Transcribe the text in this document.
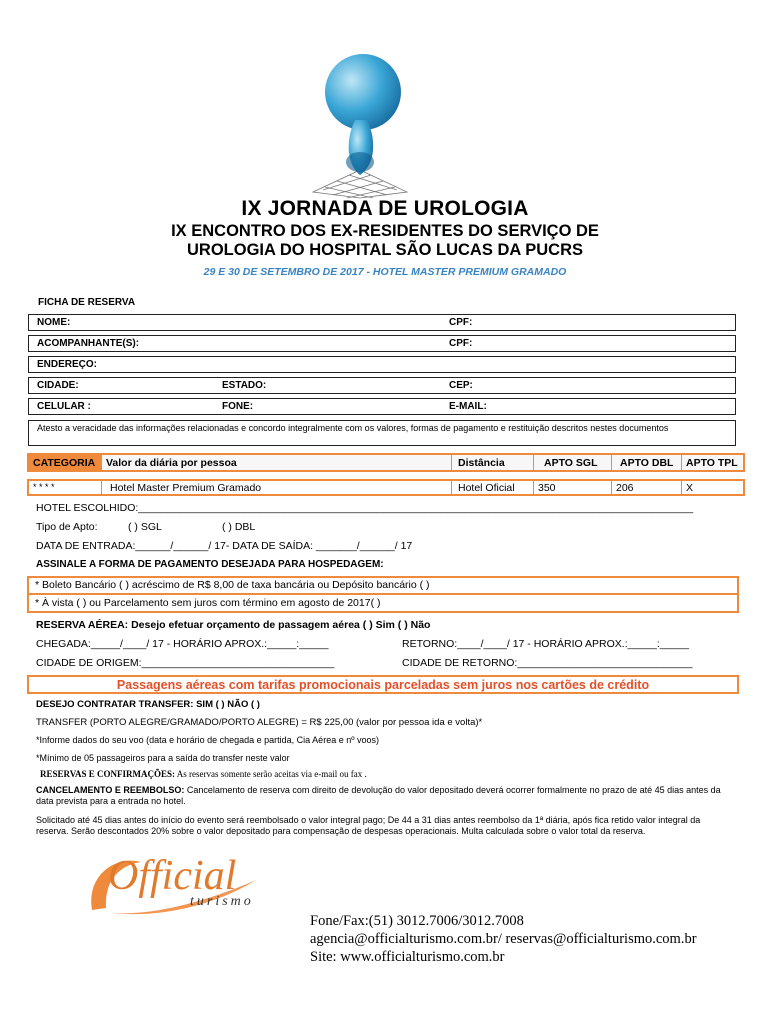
IX JORNADA DE UROLOGIA
IX ENCONTRO DOS EX-RESIDENTES DO SERVIÇO DE
UROLOGIA DO HOSPITAL SÃO LUCAS DA PUCRS
29 E 30 DE SETEMBRO DE 2017 - HOTEL MASTER PREMIUM GRAMADO
FICHA DE RESERVA
NOME:	CPF:
ACOMPANHANTE(S):	CPF:
ENDEREÇO:
CIDADE:	ESTADO:	CEP:
CELULAR :	FONE:	E-MAIL:
Atesto a veracidade das informações relacionadas e concordo integralmente com os valores, formas de pagamento e restituição descritos nestes documentos
CATEGORIA	Valor da diária por pessoa	Distância	APTO SGL	APTO DBL	APTO TPL
* * * *	Hotel Master Premium Gramado	Hotel Oficial	350	206	X
HOTEL ESCOLHIDO:_______________________________________________________________________________________________
Tipo de Apto:	( ) SGL	( ) DBL
DATA DE ENTRADA:______/______/ 17- DATA DE SAÍDA: _______/______/ 17
ASSINALE A FORMA DE PAGAMENTO DESEJADA PARA HOSPEDAGEM:
* Boleto Bancário ( ) acréscimo de R$ 8,00 de taxa bancária ou Depósito bancário ( )
* À vista ( ) ou Parcelamento sem juros com término em agosto de 2017( )
RESERVA AÉREA: Desejo efetuar orçamento de passagem aérea ( ) Sim ( ) Não
CHEGADA:_____/____/ 17 - HORÁRIO APROX.:_____:_____	RETORNO:____/____/ 17 - HORÁRIO APROX.:_____:_____
CIDADE DE ORIGEM:_________________________________	CIDADE DE RETORNO:______________________________
Passagens aéreas com tarifas promocionais parceladas sem juros nos cartões de crédito
DESEJO CONTRATAR TRANSFER: SIM ( ) NÃO ( )
TRANSFER (PORTO ALEGRE/GRAMADO/PORTO ALEGRE) = R$ 225,00 (valor por pessoa ida e volta)*
*Informe dados do seu voo (data e horário de chegada e partida, Cia Aérea e nº voos)
*Mínimo de 05 passageiros para a saída do transfer neste valor
RESERVAS E CONFIRMAÇÕES: As reservas somente serão aceitas via e-mail ou fax .
CANCELAMENTO E REEMBOLSO: Cancelamento de reserva com direito de devolução do valor depositado deverá ocorrer formalmente no prazo de até 45 dias antes da data prevista para a entrada no hotel.
Solicitado até 45 dias antes do início do evento será reembolsado o valor integral pago; De 44 a 31 dias antes reembolso da 1ª diária, após fica retido valor integral da reserva. Serão descontados 20% sobre o valor depositado para compensação de despesas operacionais. Multa calculada sobre o valor total da reserva.
Official
turismo
Fone/Fax:(51) 3012.7006/3012.7008
agencia@officialturismo.com.br/ reservas@officialturismo.com.br
Site: www.officialturismo.com.br
